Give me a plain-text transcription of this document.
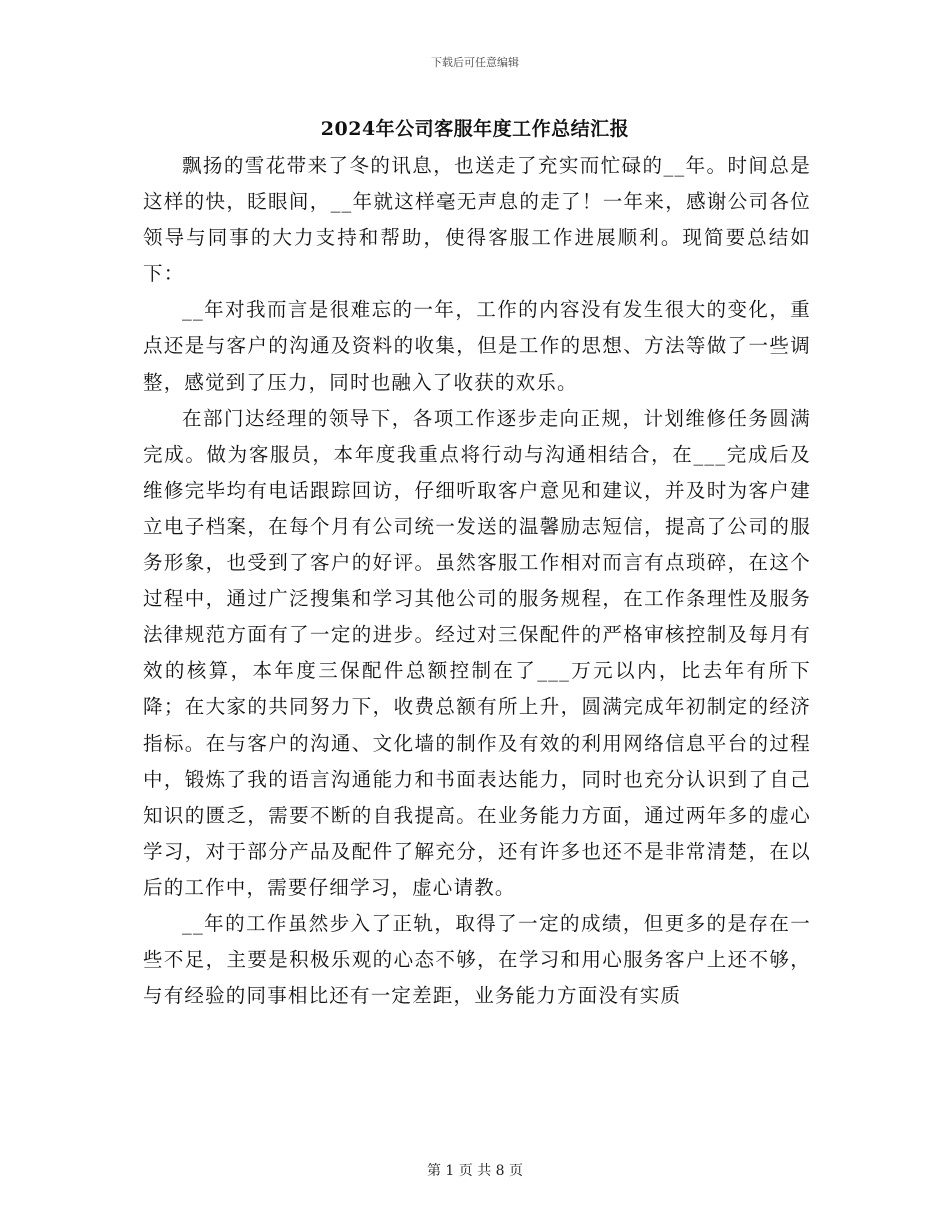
下载后可任意编辑
2024年公司客服年度工作总结汇报

飘扬的雪花带来了冬的讯息，也送走了充实而忙碌的__年。时间总是这样的快，眨眼间，__年就这样毫无声息的走了！一年来，感谢公司各位领导与同事的大力支持和帮助，使得客服工作进展顺利。现简要总结如下：

__年对我而言是很难忘的一年，工作的内容没有发生很大的变化，重点还是与客户的沟通及资料的收集，但是工作的思想、方法等做了一些调整，感觉到了压力，同时也融入了收获的欢乐。

在部门达经理的领导下，各项工作逐步走向正规，计划维修任务圆满完成。做为客服员，本年度我重点将行动与沟通相结合，在___完成后及维修完毕均有电话跟踪回访，仔细听取客户意见和建议，并及时为客户建立电子档案，在每个月有公司统一发送的温馨励志短信，提高了公司的服务形象，也受到了客户的好评。虽然客服工作相对而言有点琐碎，在这个过程中，通过广泛搜集和学习其他公司的服务规程，在工作条理性及服务法律规范方面有了一定的进步。经过对三保配件的严格审核控制及每月有效的核算，本年度三保配件总额控制在了___万元以内，比去年有所下降；在大家的共同努力下，收费总额有所上升，圆满完成年初制定的经济指标。在与客户的沟通、文化墙的制作及有效的利用网络信息平台的过程中，锻炼了我的语言沟通能力和书面表达能力，同时也充分认识到了自己知识的匮乏，需要不断的自我提高。在业务能力方面，通过两年多的虚心学习，对于部分产品及配件了解充分，还有许多也还不是非常清楚，在以后的工作中，需要仔细学习，虚心请教。

__年的工作虽然步入了正轨，取得了一定的成绩，但更多的是存在一些不足，主要是积极乐观的心态不够，在学习和用心服务客户上还不够，与有经验的同事相比还有一定差距，业务能力方面没有实质

第 1 页 共 8 页
